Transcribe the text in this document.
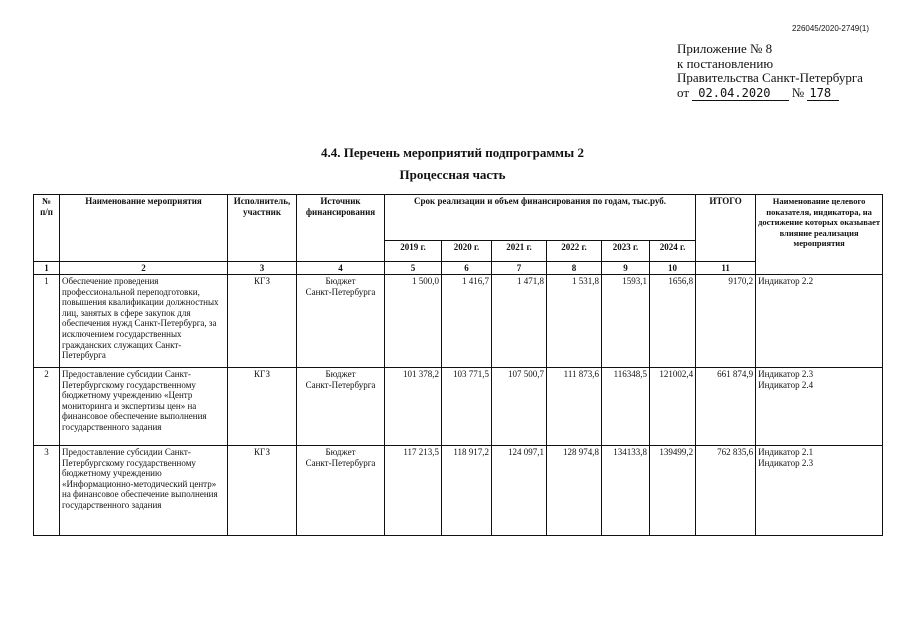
226045/2020-2749(1)
Приложение № 8
к постановлению
Правительства Санкт-Петербурга
от 02.04.2020 № 178
4.4. Перечень мероприятий подпрограммы 2
Процессная часть
№
п/п	Наименование мероприятия	Исполнитель,
участник	Источник
финансирования	Срок реализации и объем финансирования по годам, тыс.руб.						ИТОГО	Наименование целевого показателя, индикатора, на достижение которых оказывает влияние реализация мероприятия
				2019 г.	2020 г.	2021 г.	2022 г.	2023 г.	2024 г.		
1	2	3	4	5	6	7	8	9	10	11	
1	Обеспечение проведения профессиональной переподготовки, повышения квалификации должностных лиц, занятых в сфере закупок для обеспечения нужд Санкт-Петербурга, за исключением государственных гражданских служащих Санкт-Петербурга	КГЗ	Бюджет
Санкт-Петербурга	1 500,0	1 416,7	1 471,8	1 531,8	1593,1	1656,8	9170,2	Индикатор 2.2
2	Предоставление субсидии Санкт-Петербургскому государственному бюджетному учреждению «Центр мониторинга и экспертизы цен» на финансовое обеспечение выполнения государственного задания	КГЗ	Бюджет
Санкт-Петербурга	101 378,2	103 771,5	107 500,7	111 873,6	116348,5	121002,4	661 874,9	Индикатор 2.3
Индикатор 2.4
3	Предоставление субсидии Санкт-Петербургскому государственному бюджетному учреждению «Информационно-методический центр»
на финансовое обеспечение выполнения государственного задания	КГЗ	Бюджет
Санкт-Петербурга	117 213,5	118 917,2	124 097,1	128 974,8	134133,8	139499,2	762 835,6	Индикатор 2.1
Индикатор 2.3
